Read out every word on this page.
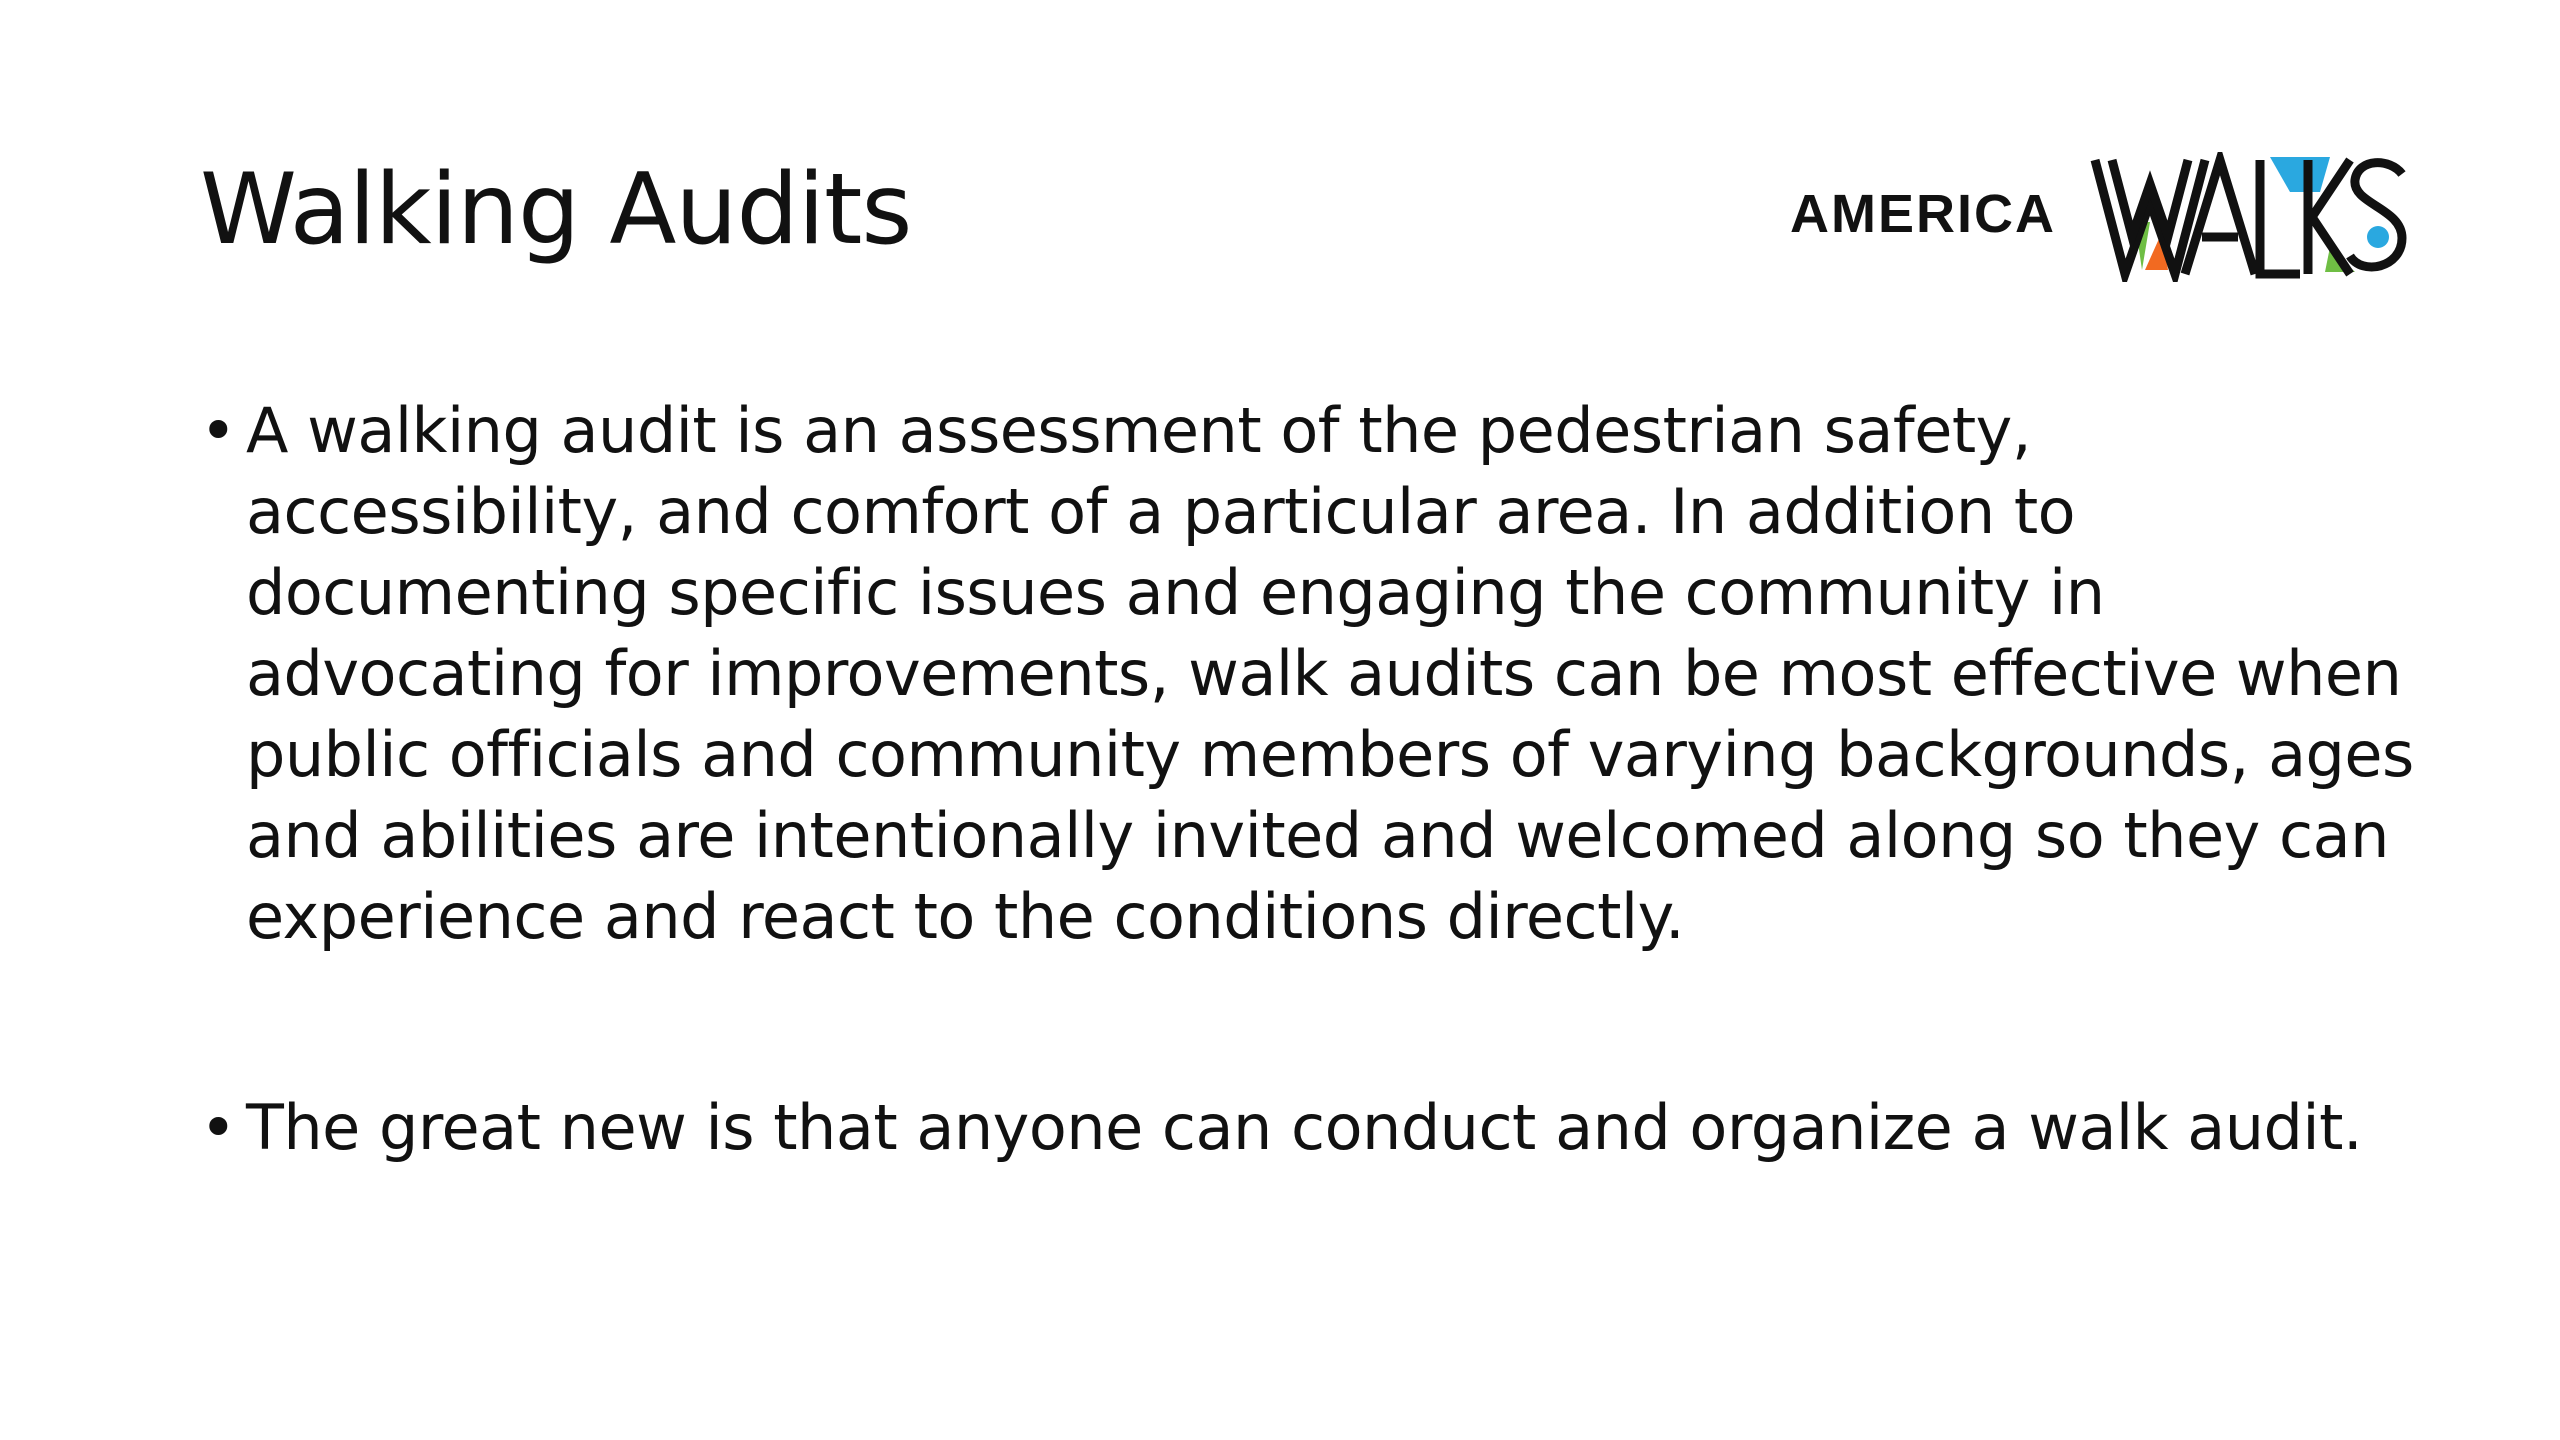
Walking Audits	AMERICA
• A walking audit is an assessment of the pedestrian safety,
accessibility, and comfort of a particular area. In addition to
documenting specific issues and engaging the community in
advocating for improvements, walk audits can be most effective when
public officials and community members of varying backgrounds, ages
and abilities are intentionally invited and welcomed along so they can
experience and react to the conditions directly.
• The great new is that anyone can conduct and organize a walk audit.
